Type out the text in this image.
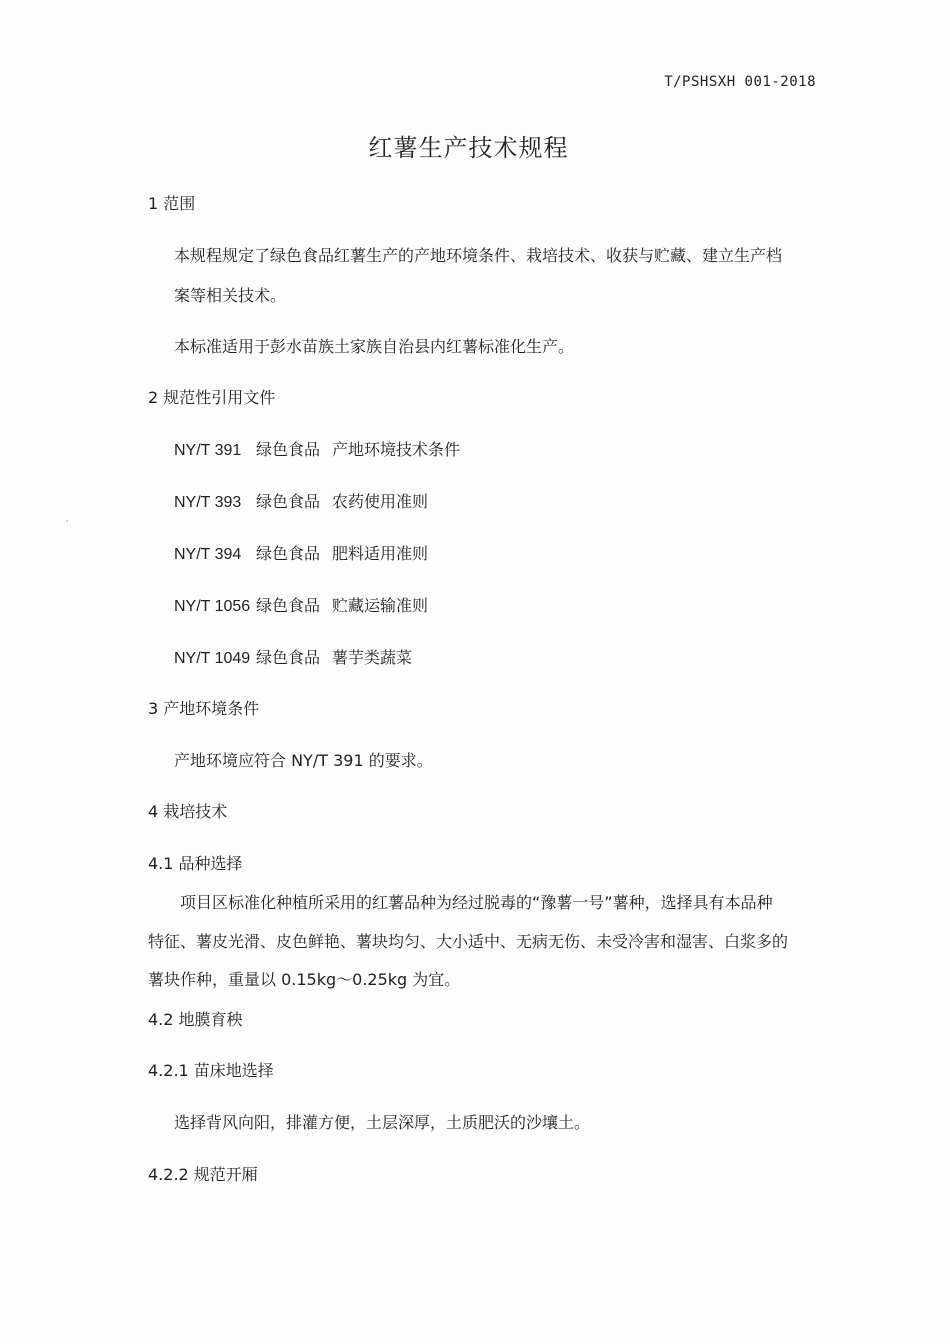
T/PSHSXH 001-2018
红薯生产技术规程
1 范围
本规程规定了绿色食品红薯生产的产地环境条件、栽培技术、收获与贮藏、建立生产档
案等相关技术。
本标准适用于彭水苗族土家族自治县内红薯标准化生产。
2 规范性引用文件
NY/T 391 绿色食品 产地环境技术条件
NY/T 393 绿色食品 农药使用准则
NY/T 394 绿色食品 肥料适用准则
NY/T 1056 绿色食品 贮藏运输准则
NY/T 1049 绿色食品 薯芋类蔬菜
3 产地环境条件
产地环境应符合 NY/T 391 的要求。
4 栽培技术
4.1 品种选择
项目区标准化种植所采用的红薯品种为经过脱毒的“豫薯一号”薯种，选择具有本品种
特征、薯皮光滑、皮色鲜艳、薯块均匀、大小适中、无病无伤、未受冷害和湿害、白浆多的
薯块作种，重量以 0.15kg～0.25kg 为宜。
4.2 地膜育秧
4.2.1 苗床地选择
选择背风向阳，排灌方便，土层深厚，土质肥沃的沙壤土。
4.2.2 规范开厢
